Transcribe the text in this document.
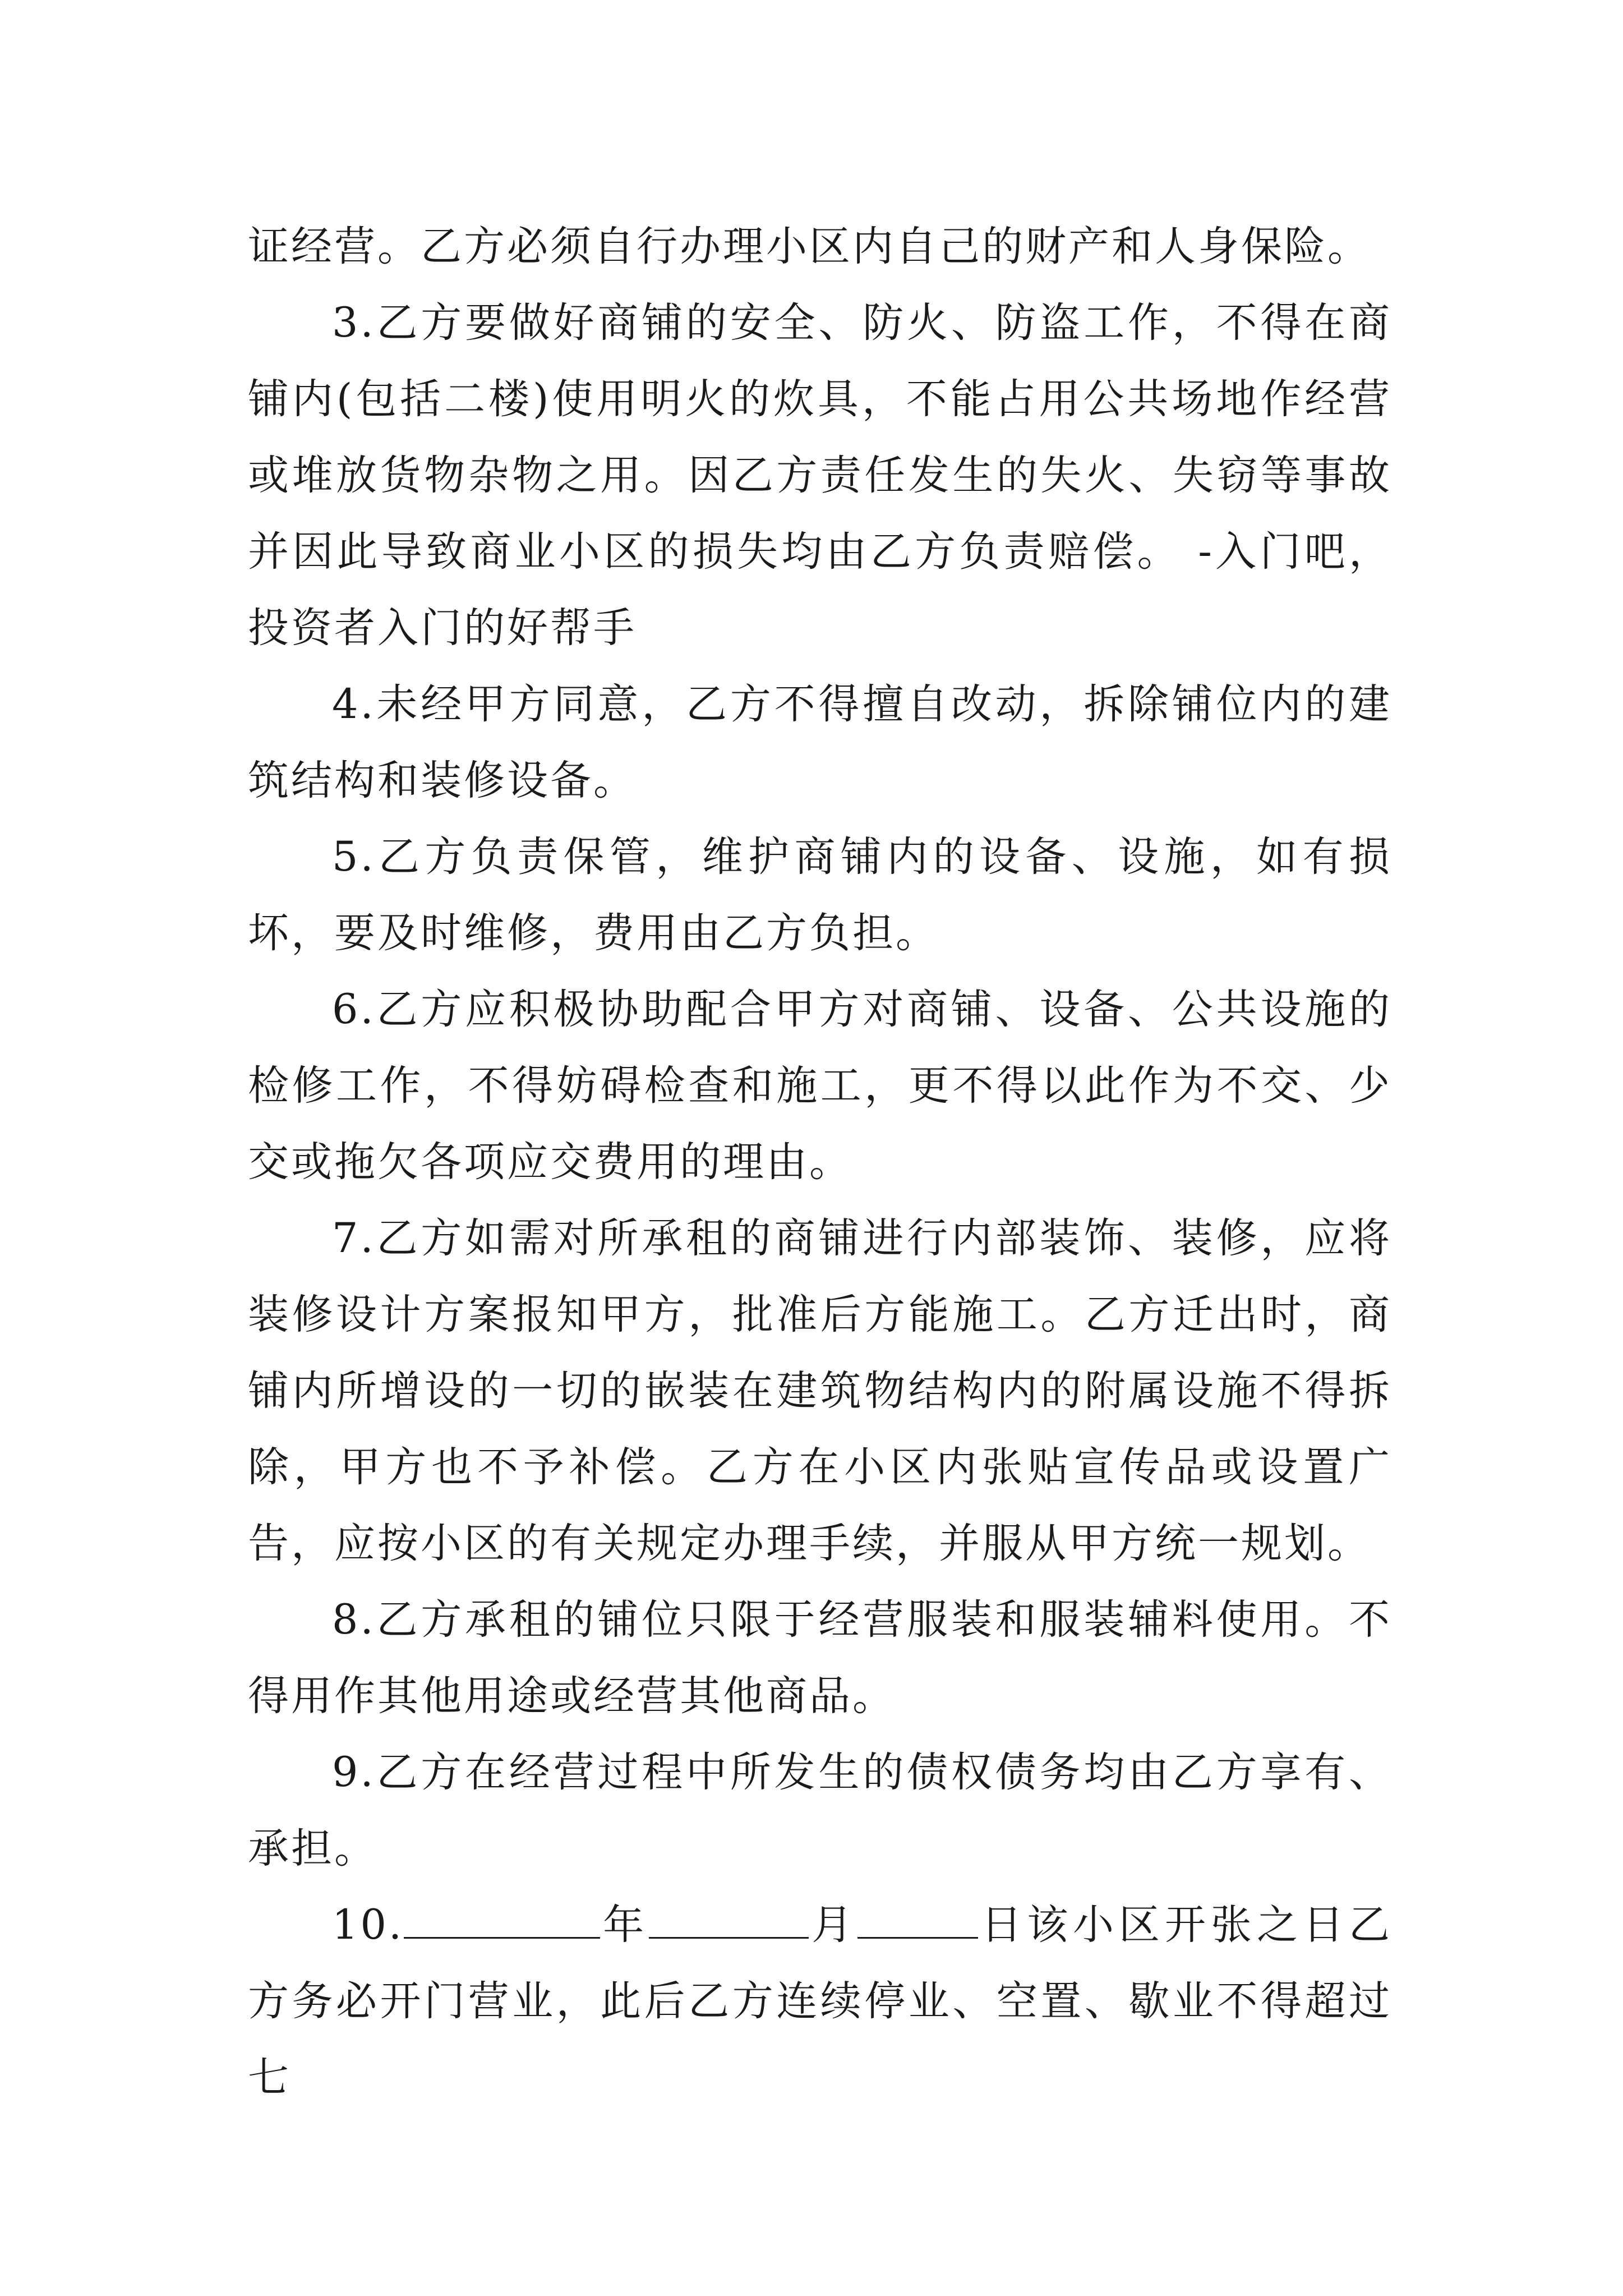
证经营。乙方必须自行办理小区内自己的财产和人身保险。

3.乙方要做好商铺的安全、防火、防盗工作，不得在商铺内(包括二楼)使用明火的炊具，不能占用公共场地作经营或堆放货物杂物之用。因乙方责任发生的失火、失窃等事故并因此导致商业小区的损失均由乙方负责赔偿。 -入门吧，投资者入门的好帮手

4.未经甲方同意，乙方不得擅自改动，拆除铺位内的建筑结构和装修设备。

5.乙方负责保管，维护商铺内的设备、设施，如有损坏，要及时维修，费用由乙方负担。

6.乙方应积极协助配合甲方对商铺、设备、公共设施的检修工作，不得妨碍检查和施工，更不得以此作为不交、少交或拖欠各项应交费用的理由。

7.乙方如需对所承租的商铺进行内部装饰、装修，应将装修设计方案报知甲方，批准后方能施工。乙方迁出时，商铺内所增设的一切的嵌装在建筑物结构内的附属设施不得拆除，甲方也不予补偿。乙方在小区内张贴宣传品或设置广告，应按小区的有关规定办理手续，并服从甲方统一规划。

8.乙方承租的铺位只限于经营服装和服装辅料使用。不得用作其他用途或经营其他商品。

9.乙方在经营过程中所发生的债权债务均由乙方享有、承担。

10.	年	月	日该小区开张之日乙方务必开门营业，此后乙方连续停业、空置、歇业不得超过七
